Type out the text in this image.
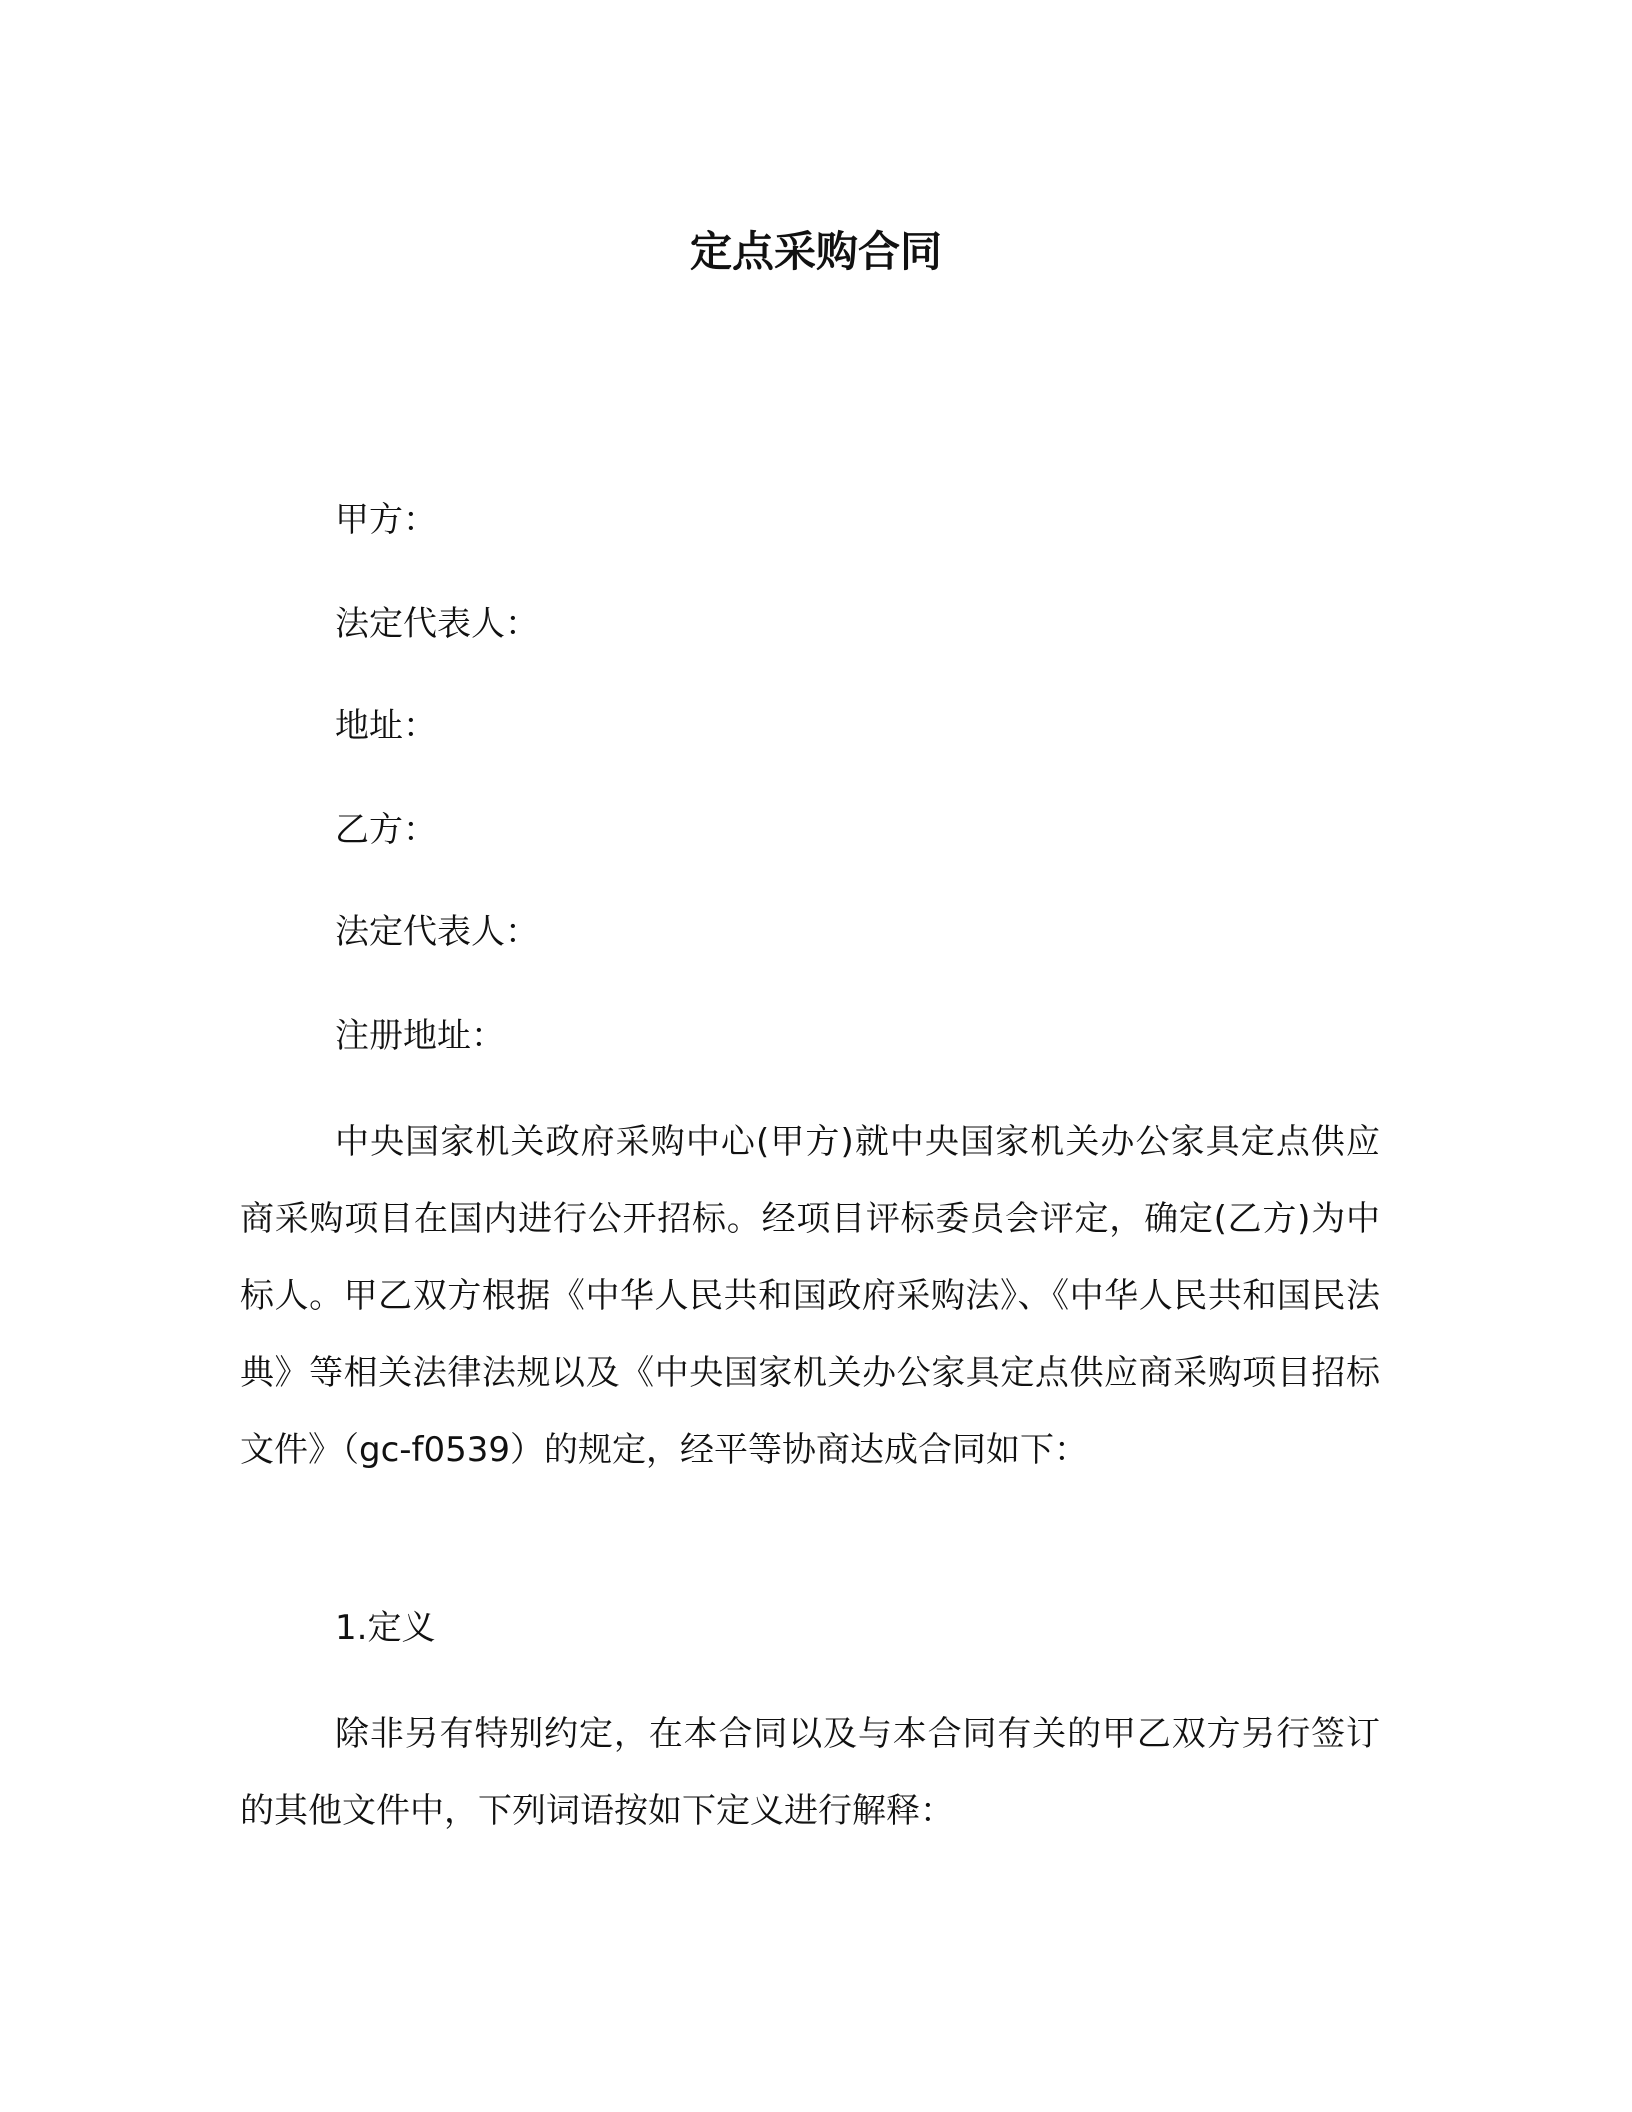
定点采购合同
甲方：
法定代表人：
地址：
乙方：
法定代表人：
注册地址：
中央国家机关政府采购中心(甲方)就中央国家机关办公家具定点供应商采购项目在国内进行公开招标。经项目评标委员会评定，确定(乙方)为中标人。甲乙双方根据《中华人民共和国政府采购法》、《中华人民共和国民法典》等相关法律法规以及《中央国家机关办公家具定点供应商采购项目招标文件》（gc-f0539）的规定，经平等协商达成合同如下：
1.定义
除非另有特别约定，在本合同以及与本合同有关的甲乙双方另行签订的其他文件中，下列词语按如下定义进行解释：
